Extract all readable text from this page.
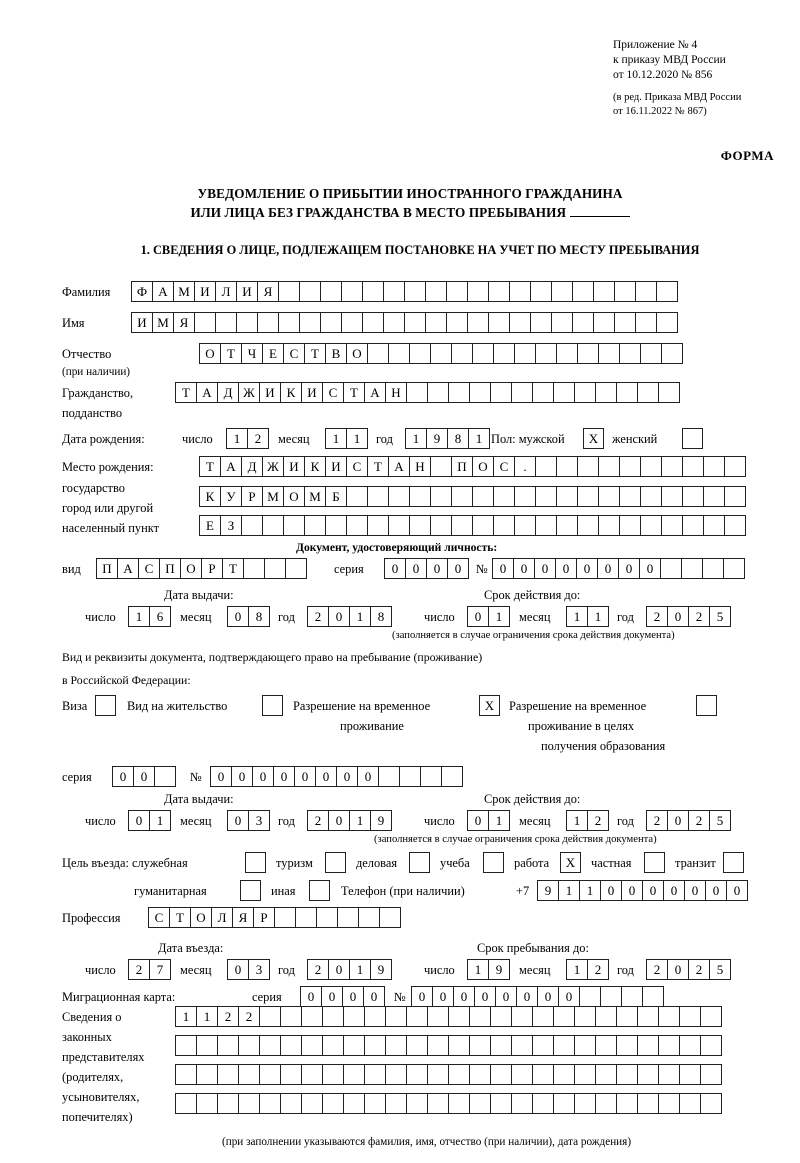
Приложение № 4
к приказу МВД России
от 10.12.2020 № 856
(в ред. Приказа МВД России
от 16.11.2022 № 867)
ФОРМА
УВЕДОМЛЕНИЕ О ПРИБЫТИИ ИНОСТРАННОГО ГРАЖДАНИНА
ИЛИ ЛИЦА БЕЗ ГРАЖДАНСТВА В МЕСТО ПРЕБЫВАНИЯ
1. СВЕДЕНИЯ О ЛИЦЕ, ПОДЛЕЖАЩЕМ ПОСТАНОВКЕ НА УЧЕТ ПО МЕСТУ ПРЕБЫВАНИЯ
Фамилия	Ф А М И Л И Я
Имя	И М Я
Отчество
(при наличии)
О Т Ч Е С Т В О
Гражданство,
подданство
Т А Д Ж И К И С Т А Н
Дата рождения:	число	1	2	месяц	1	1	год	1	9	8	1 Пол: мужской	X	женский
Место рождения:
государство
город или другой
населенный пункт
Т А Д Ж И К И С Т А Н	П О С	.
К У Р М О М Б
Е	З
Документ, удостоверяющий личность:
вид	П А С П О Р	Т	серия	0	0	0	0	№ 0	0	0	0	0	0	0	0
Дата выдачи:	Срок действия до:
число	1	6	месяц	0	8	год	2	0	1	8	число	0	1	месяц	1	1	год	2	0	2	5
(заполняется в случае ограничения срока действия документа)
Вид и реквизиты документа, подтверждающего право на пребывание (проживание)
в Российской Федерации:
Виза	Вид на жительство	Разрешение на временное
проживание
X	Разрешение на временное
проживание в целях
получения образования
серия	0	0	№	0	0	0	0	0	0	0	0
Дата выдачи:	Срок действия до:
число	0	1	месяц	0	3	год	2	0	1	9	число	0	1	месяц	1	2	год	2	0	2	5
(заполняется в случае ограничения срока действия документа)
Цель въезда: служебная	туризм	деловая	учеба	работа	X	частная	транзит
гуманитарная	иная	Телефон (при наличии)	+7	9	1	1	0	0	0	0	0	0	0
Профессия	С Т О Л Я	Р
Дата въезда:	Срок пребывания до:
число	2	7	месяц	0	3	год	2	0	1	9	число	1	9	месяц	1	2	год	2	0	2	5
Миграционная карта:	серия	0	0	0	0	№ 0	0	0	0	0	0	0	0
Сведения о
законных
представителях
(родителях,
усыновителях,
попечителях)
1	1	2	2
(при заполнении указываются фамилия, имя, отчество (при наличии), дата рождения)
